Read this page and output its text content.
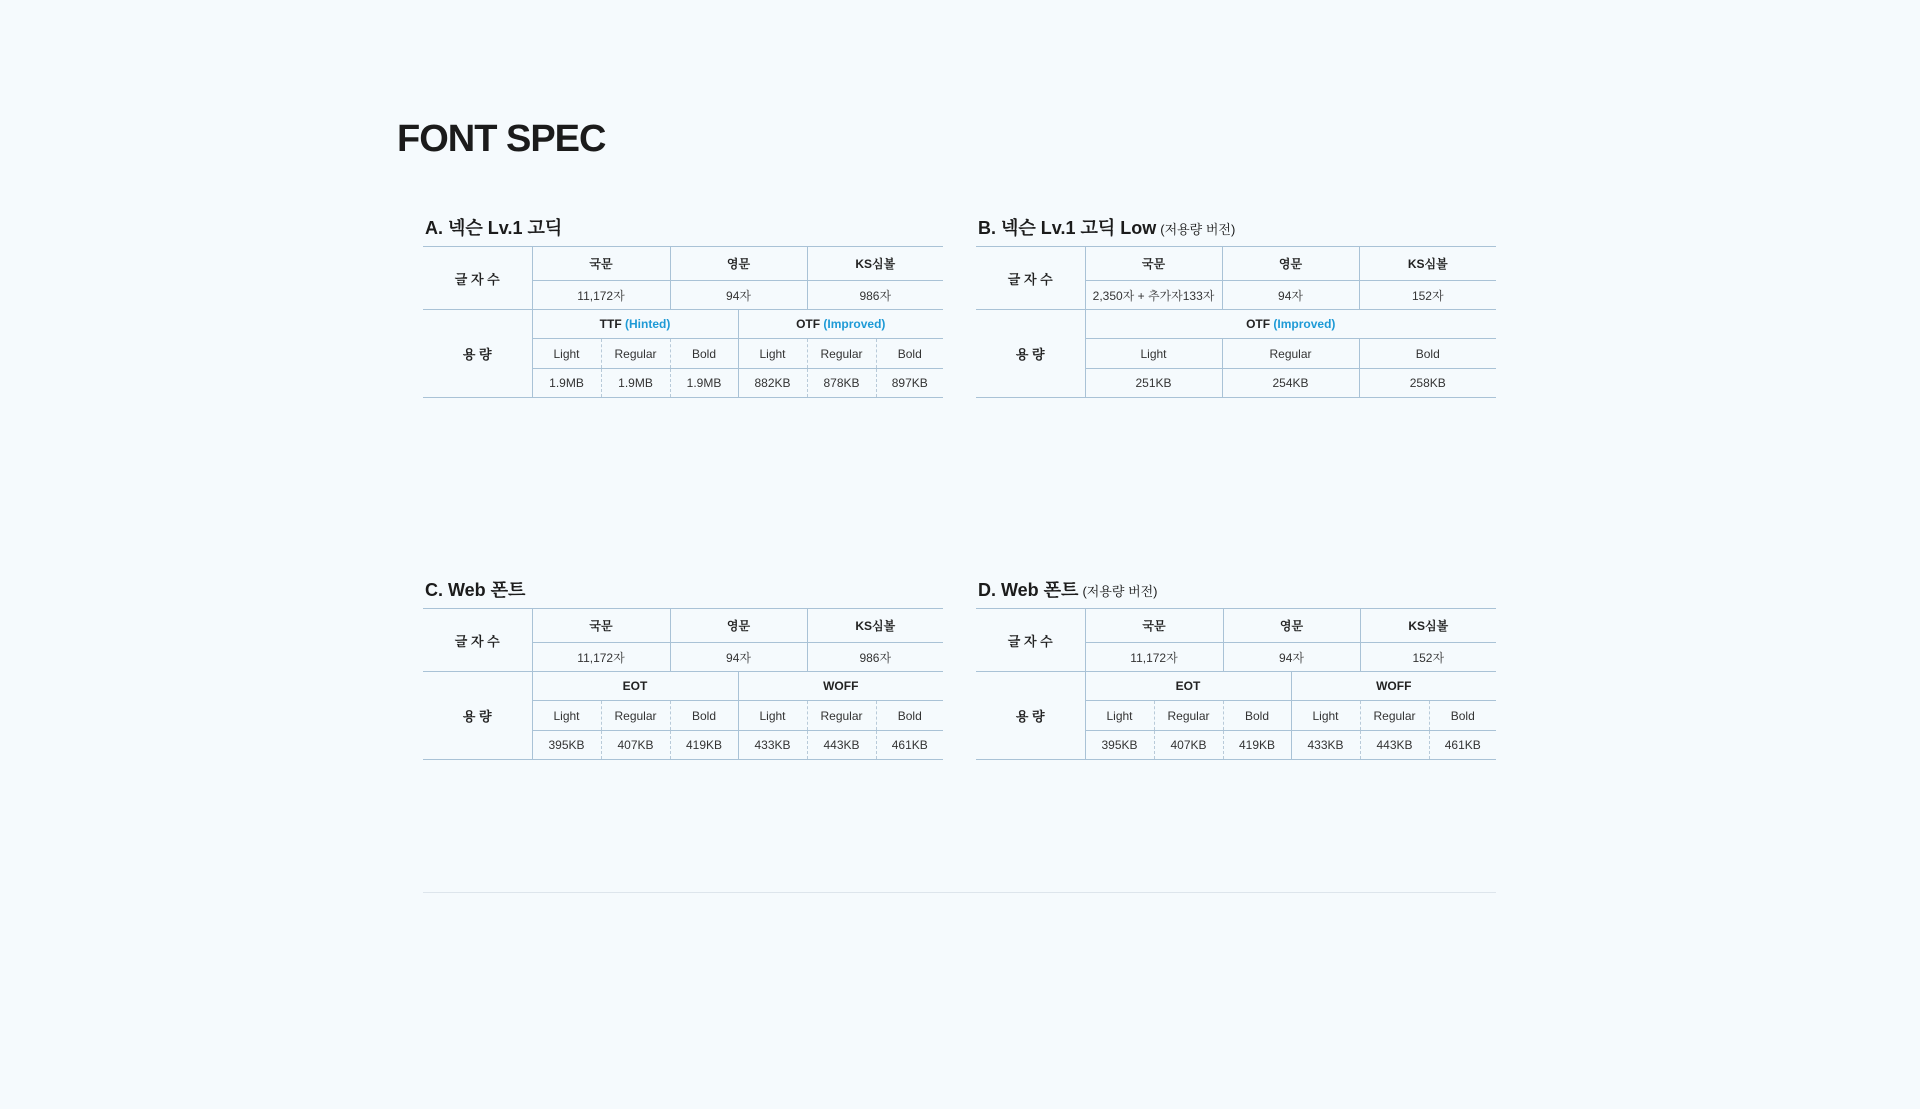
FONT SPEC
A. 넥슨 Lv.1 고딕
글 자 수	국문		영문		KS심볼	
	11,172자		94자		986자	
용 량	TTF (Hinted)			OTF (Improved)		
	Light	Regular	Bold	Light	Regular	Bold
	1.9MB	1.9MB	1.9MB	882KB	878KB	897KB
B. 넥슨 Lv.1 고딕 Low (저용량 버전)
글 자 수	국문	영문	KS심볼
	2,350자 + 추가자133자	94자	152자
용 량	OTF (Improved)		
	Light	Regular	Bold
	251KB	254KB	258KB
C. Web 폰트
글 자 수	국문		영문		KS심볼	
	11,172자		94자		986자	
용 량	EOT			WOFF		
	Light	Regular	Bold	Light	Regular	Bold
	395KB	407KB	419KB	433KB	443KB	461KB
D. Web 폰트 (저용량 버전)
글 자 수	국문		영문		KS심볼	
	11,172자		94자		152자	
용 량	EOT			WOFF		
	Light	Regular	Bold	Light	Regular	Bold
	395KB	407KB	419KB	433KB	443KB	461KB
